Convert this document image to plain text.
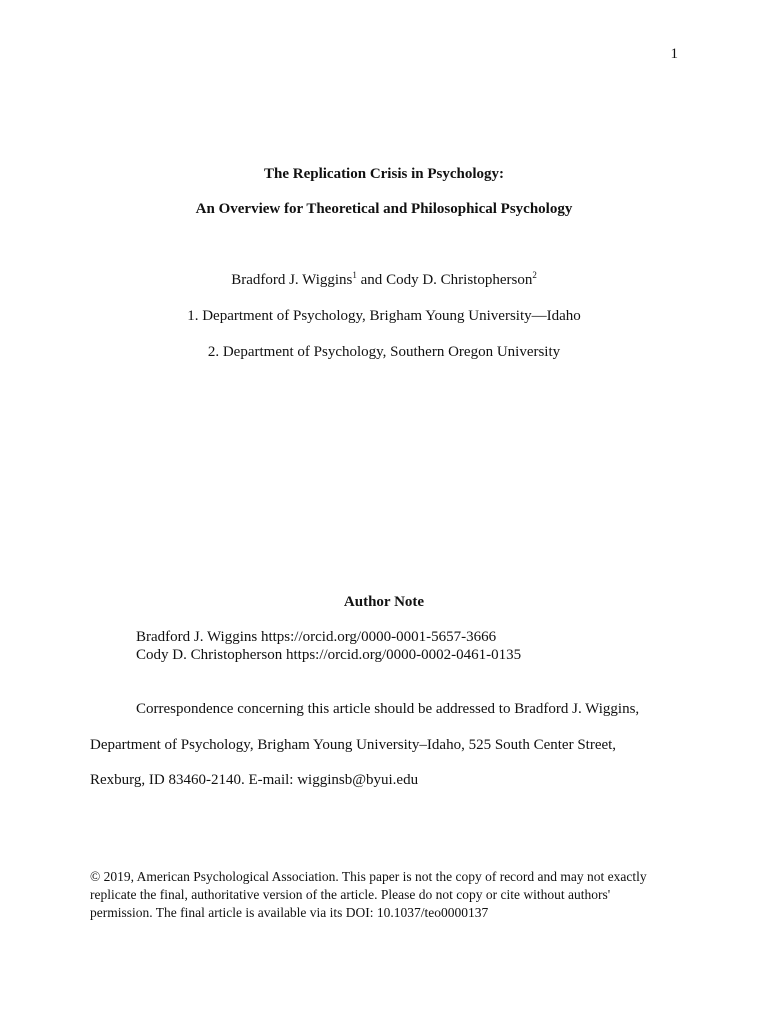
1
The Replication Crisis in Psychology:
An Overview for Theoretical and Philosophical Psychology
Bradford J. Wiggins$^1$ and Cody D. Christopherson$^2$
1. Department of Psychology, Brigham Young University—Idaho
2. Department of Psychology, Southern Oregon University
Author Note
Bradford J. Wiggins https://orcid.org/0000-0001-5657-3666
Cody D. Christopherson https://orcid.org/0000-0002-0461-0135
Correspondence concerning this article should be addressed to Bradford J. Wiggins,
Department of Psychology, Brigham Young University–Idaho, 525 South Center Street,
Rexburg, ID 83460-2140. E-mail: wigginsb@byui.edu
© 2019, American Psychological Association. This paper is not the copy of record and may not exactly
replicate the final, authoritative version of the article. Please do not copy or cite without authors'
permission. The final article is available via its DOI: 10.1037/teo0000137
